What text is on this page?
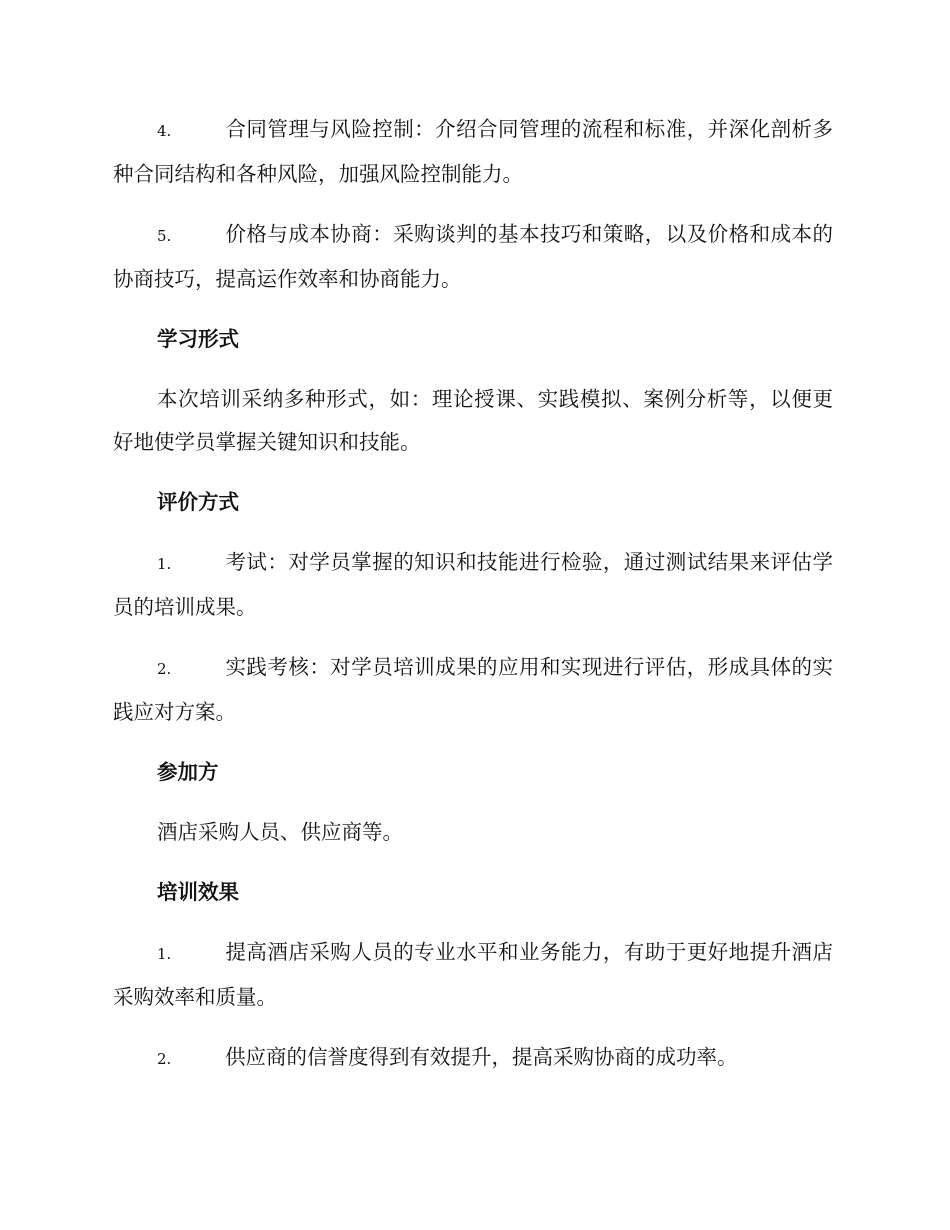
4.	合同管理与风险控制：介绍合同管理的流程和标准，并深化剖析多种合同结构和各种风险，加强风险控制能力。

5.	价格与成本协商：采购谈判的基本技巧和策略，以及价格和成本的协商技巧，提高运作效率和协商能力。

学习形式

本次培训采纳多种形式，如：理论授课、实践模拟、案例分析等，以便更好地使学员掌握关键知识和技能。

评价方式

1.	考试：对学员掌握的知识和技能进行检验，通过测试结果来评估学员的培训成果。

2.	实践考核：对学员培训成果的应用和实现进行评估，形成具体的实践应对方案。

参加方

酒店采购人员、供应商等。

培训效果

1.	提高酒店采购人员的专业水平和业务能力，有助于更好地提升酒店采购效率和质量。

2.	供应商的信誉度得到有效提升，提高采购协商的成功率。
